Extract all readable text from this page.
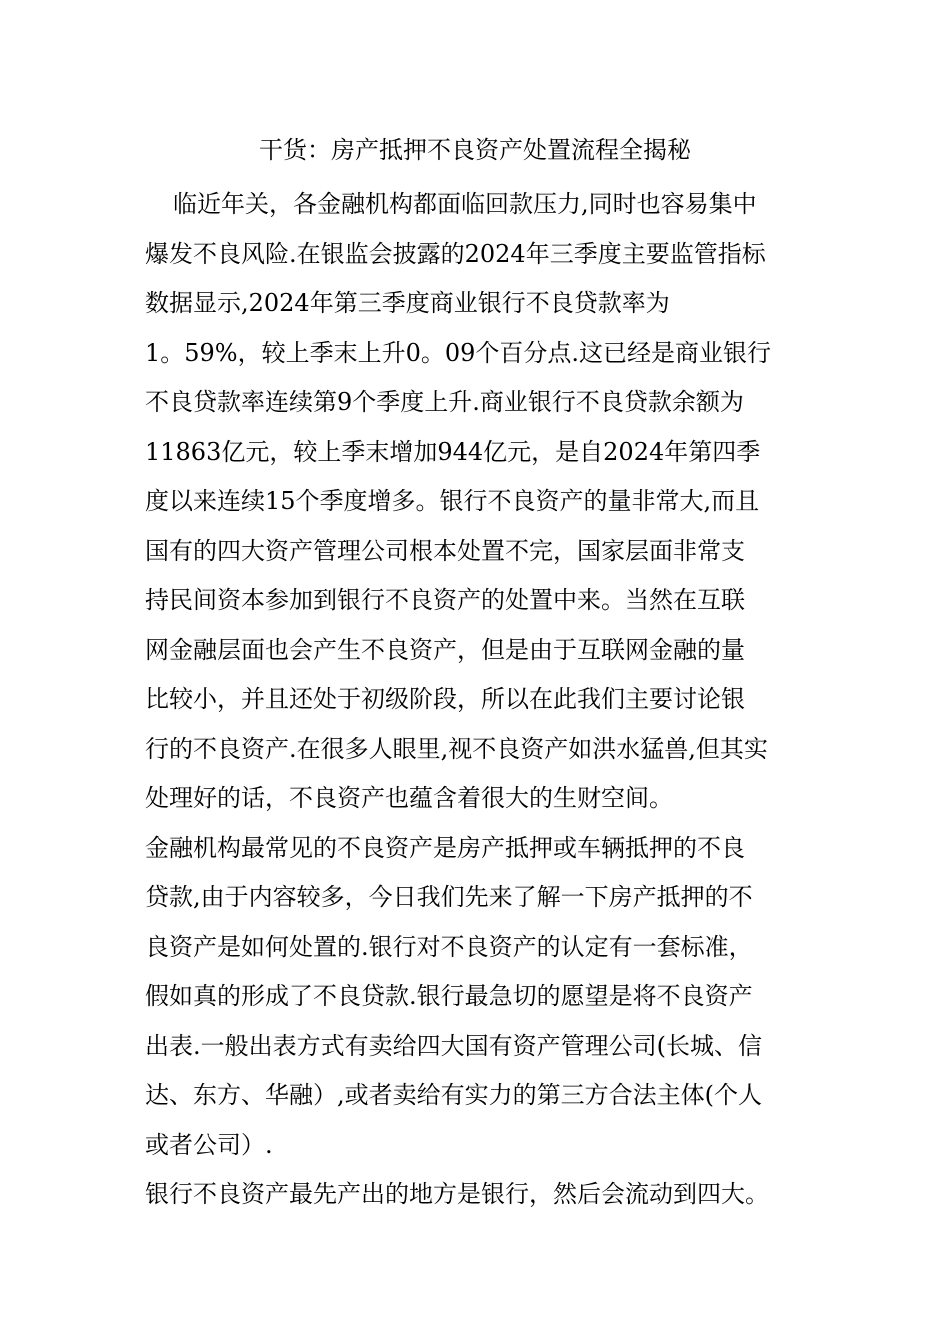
干货：房产抵押不良资产处置流程全揭秘

临近年关，各金融机构都面临回款压力,同时也容易集中
爆发不良风险.在银监会披露的2024年三季度主要监管指标
数据显示,2024年第三季度商业银行不良贷款率为
1。59%，较上季末上升0。09个百分点.这已经是商业银行
不良贷款率连续第9个季度上升.商业银行不良贷款余额为
11863亿元，较上季末增加944亿元，是自2024年第四季
度以来连续15个季度增多。银行不良资产的量非常大,而且
国有的四大资产管理公司根本处置不完，国家层面非常支
持民间资本参加到银行不良资产的处置中来。当然在互联
网金融层面也会产生不良资产，但是由于互联网金融的量
比较小，并且还处于初级阶段，所以在此我们主要讨论银
行的不良资产.在很多人眼里,视不良资产如洪水猛兽,但其实
处理好的话，不良资产也蕴含着很大的生财空间。

金融机构最常见的不良资产是房产抵押或车辆抵押的不良
贷款,由于内容较多，今日我们先来了解一下房产抵押的不
良资产是如何处置的.银行对不良资产的认定有一套标准，
假如真的形成了不良贷款.银行最急切的愿望是将不良资产
出表.一般出表方式有卖给四大国有资产管理公司(长城、信
达、东方、华融）,或者卖给有实力的第三方合法主体(个人
或者公司）.

银行不良资产最先产出的地方是银行，然后会流动到四大。
